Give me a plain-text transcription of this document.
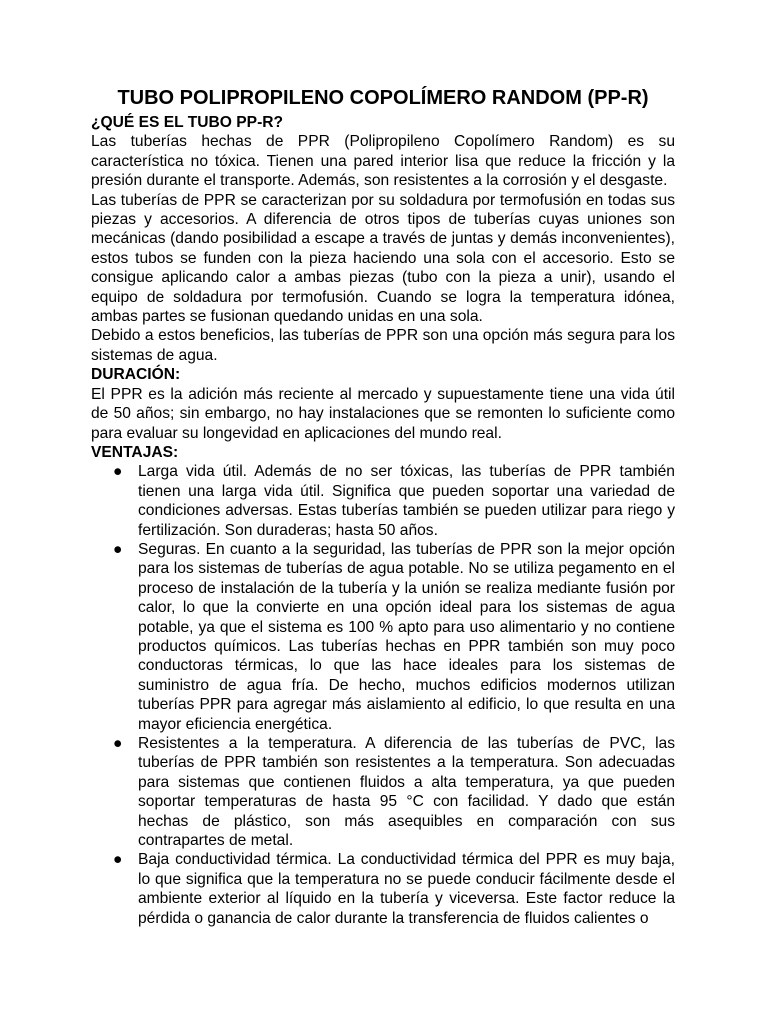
TUBO POLIPROPILENO COPOLÍMERO RANDOM (PP-R)

¿QUÉ ES EL TUBO PP-R?

Las tuberías hechas de PPR (Polipropileno Copolímero Random) es su característica no tóxica. Tienen una pared interior lisa que reduce la fricción y la presión durante el transporte. Además, son resistentes a la corrosión y el desgaste.

Las tuberías de PPR se caracterizan por su soldadura por termofusión en todas sus piezas y accesorios. A diferencia de otros tipos de tuberías cuyas uniones son mecánicas (dando posibilidad a escape a través de juntas y demás inconvenientes), estos tubos se funden con la pieza haciendo una sola con el accesorio. Esto se consigue aplicando calor a ambas piezas (tubo con la pieza a unir), usando el equipo de soldadura por termofusión. Cuando se logra la temperatura idónea, ambas partes se fusionan quedando unidas en una sola.

Debido a estos beneficios, las tuberías de PPR son una opción más segura para los sistemas de agua.

DURACIÓN:

El PPR es la adición más reciente al mercado y supuestamente tiene una vida útil de 50 años; sin embargo, no hay instalaciones que se remonten lo suficiente como para evaluar su longevidad en aplicaciones del mundo real.

VENTAJAS:

● Larga vida útil. Además de no ser tóxicas, las tuberías de PPR también tienen una larga vida útil. Significa que pueden soportar una variedad de condiciones adversas. Estas tuberías también se pueden utilizar para riego y fertilización. Son duraderas; hasta 50 años.
● Seguras. En cuanto a la seguridad, las tuberías de PPR son la mejor opción para los sistemas de tuberías de agua potable. No se utiliza pegamento en el proceso de instalación de la tubería y la unión se realiza mediante fusión por calor, lo que la convierte en una opción ideal para los sistemas de agua potable, ya que el sistema es 100 % apto para uso alimentario y no contiene productos químicos. Las tuberías hechas en PPR también son muy poco conductoras térmicas, lo que las hace ideales para los sistemas de suministro de agua fría. De hecho, muchos edificios modernos utilizan tuberías PPR para agregar más aislamiento al edificio, lo que resulta en una mayor eficiencia energética.
● Resistentes a la temperatura. A diferencia de las tuberías de PVC, las tuberías de PPR también son resistentes a la temperatura. Son adecuadas para sistemas que contienen fluidos a alta temperatura, ya que pueden soportar temperaturas de hasta 95 °C con facilidad. Y dado que están hechas de plástico, son más asequibles en comparación con sus contrapartes de metal.
● Baja conductividad térmica. La conductividad térmica del PPR es muy baja, lo que significa que la temperatura no se puede conducir fácilmente desde el ambiente exterior al líquido en la tubería y viceversa. Este factor reduce la pérdida o ganancia de calor durante la transferencia de fluidos calientes o
